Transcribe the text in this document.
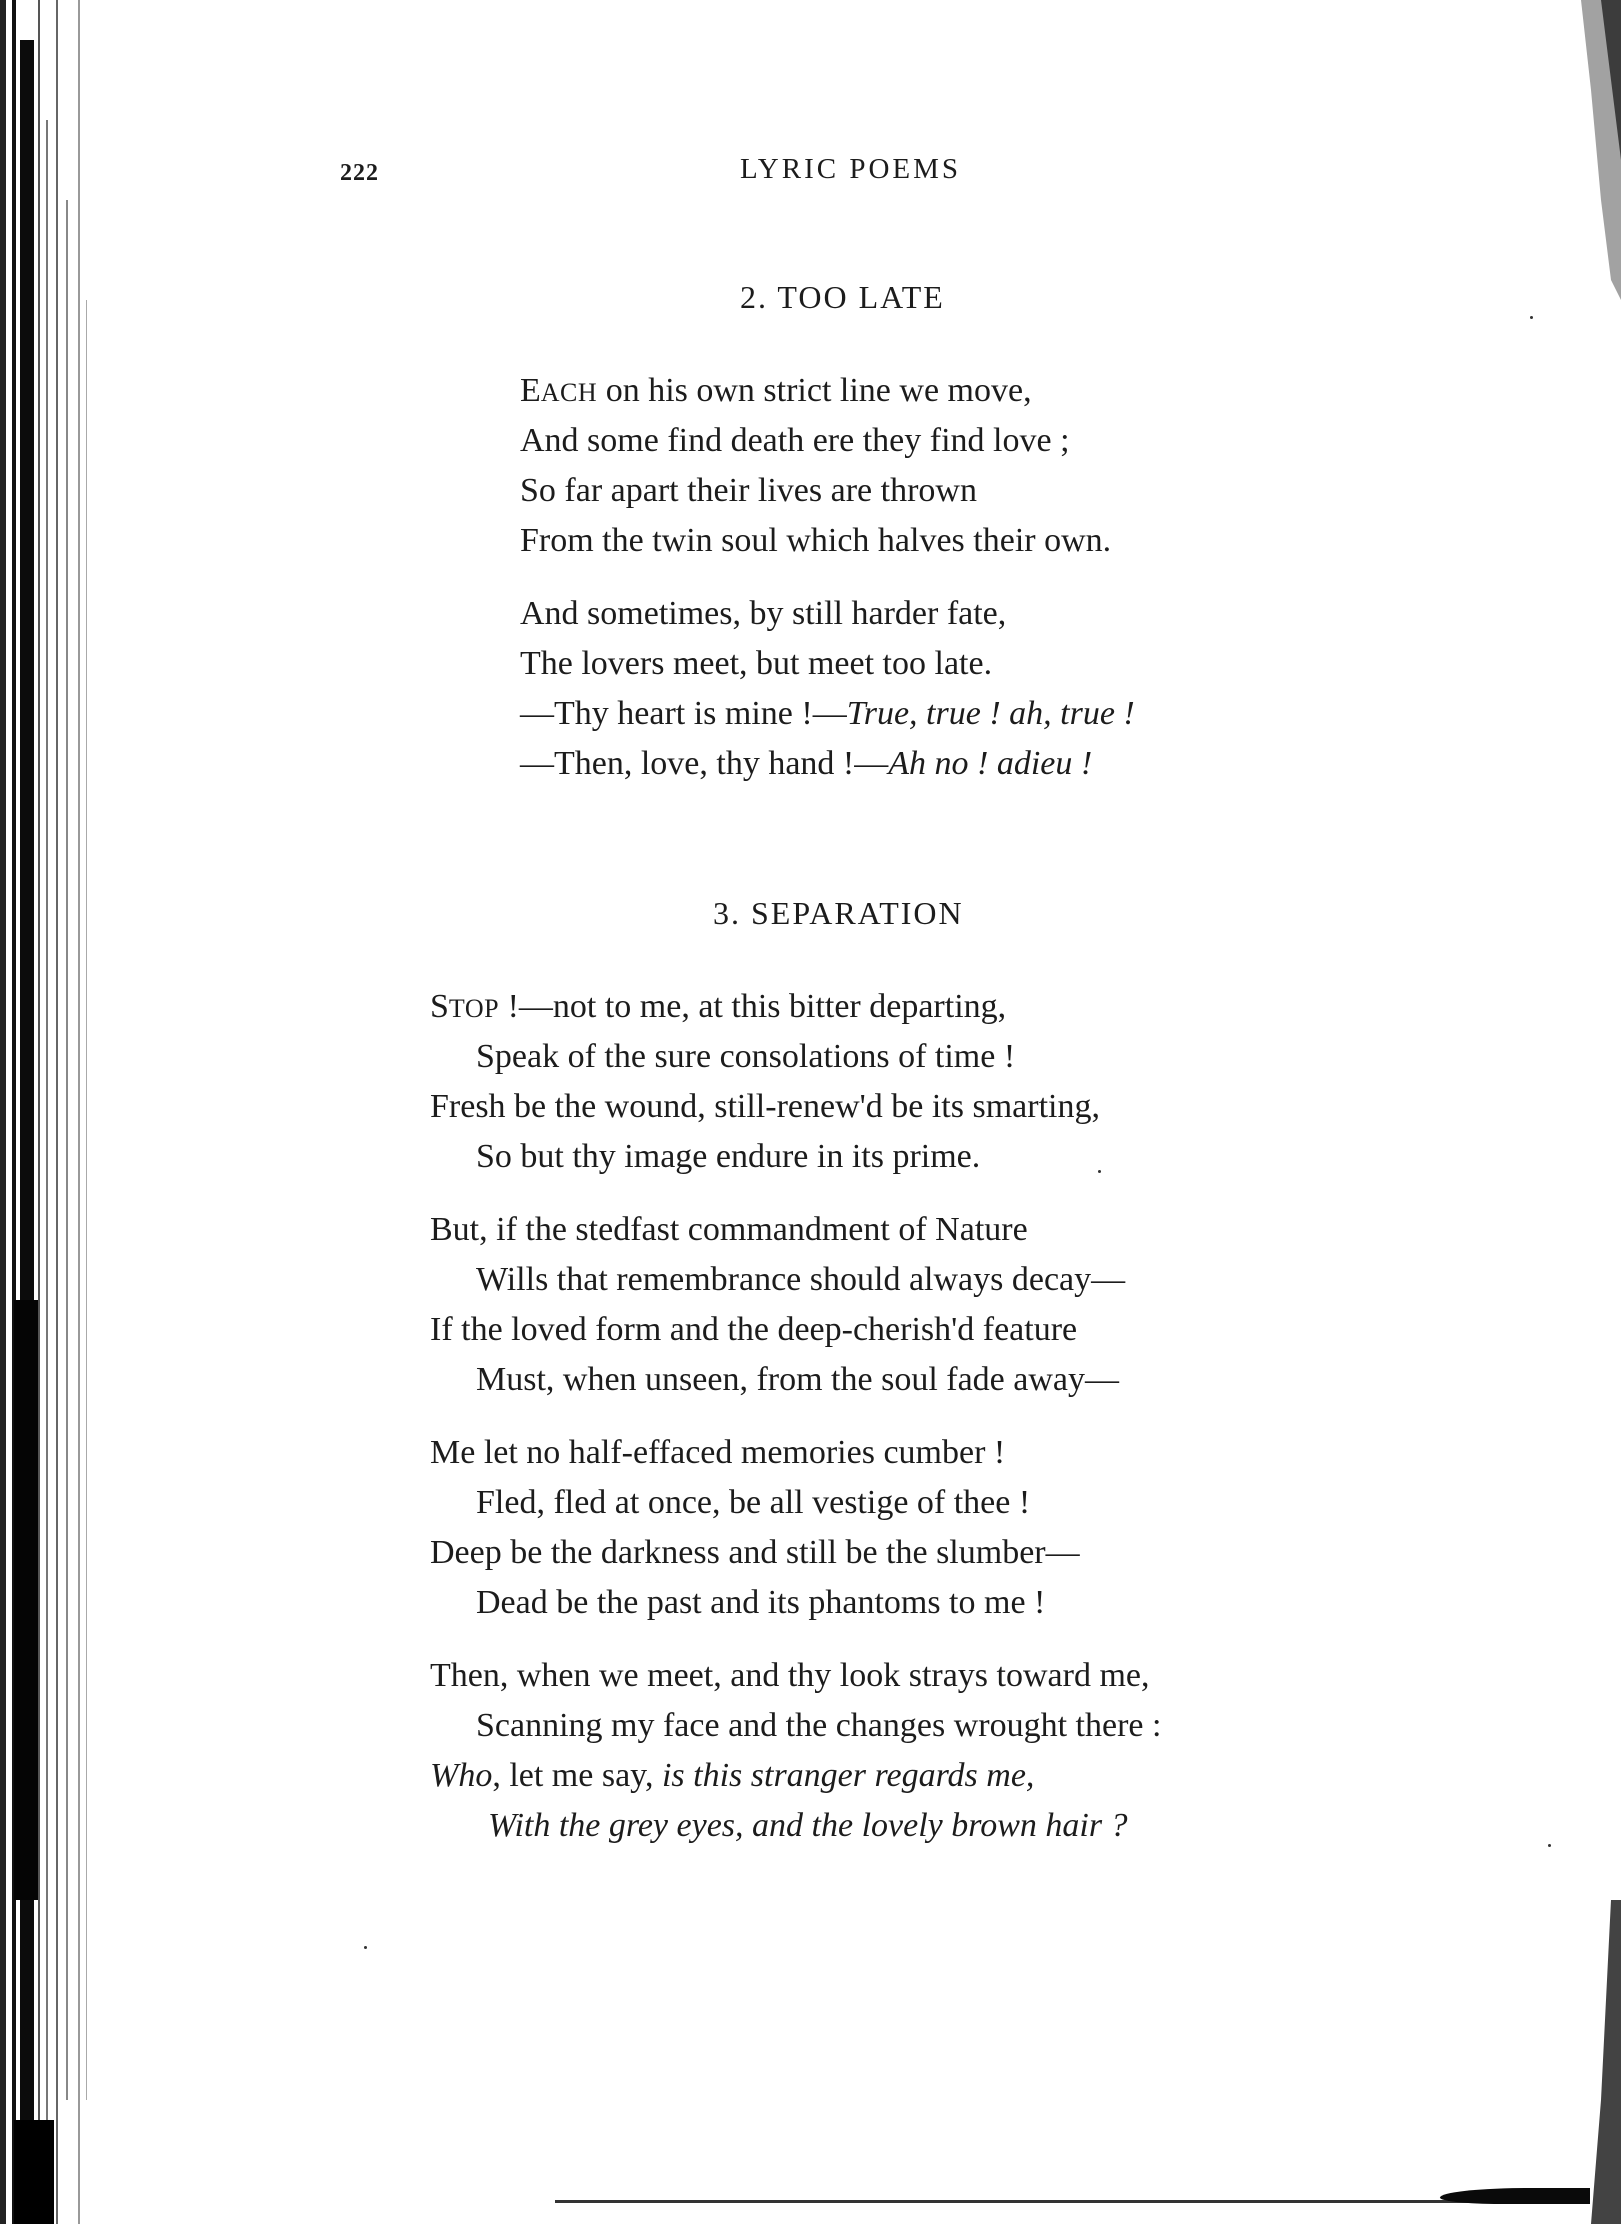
222	LYRIC POEMS
2. TOO LATE
EACH on his own strict line we move,
And some find death ere they find love ;
So far apart their lives are thrown
From the twin soul which halves their own.
And sometimes, by still harder fate,
The lovers meet, but meet too late.
—Thy heart is mine !—True, true ! ah, true !
—Then, love, thy hand !—Ah no ! adieu !
3. SEPARATION
STOP !—not to me, at this bitter departing,
Speak of the sure consolations of time !
Fresh be the wound, still-renew'd be its smarting,
So but thy image endure in its prime.
But, if the stedfast commandment of Nature
Wills that remembrance should always decay—
If the loved form and the deep-cherish'd feature
Must, when unseen, from the soul fade away—
Me let no half-effaced memories cumber !
Fled, fled at once, be all vestige of thee !
Deep be the darkness and still be the slumber—
Dead be the past and its phantoms to me !
Then, when we meet, and thy look strays toward me,
Scanning my face and the changes wrought there :
Who, let me say, is this stranger regards me,
With the grey eyes, and the lovely brown hair ?
